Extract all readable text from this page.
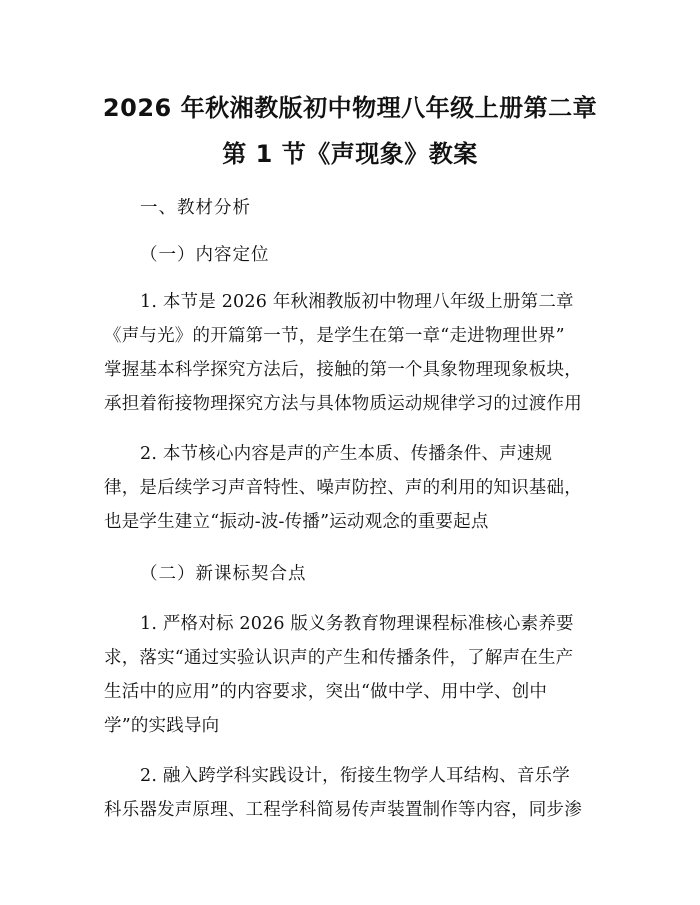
2026 年秋湘教版初中物理八年级上册第二章
第 1 节《声现象》教案
一、教材分析
（一）内容定位
1. 本节是 2026 年秋湘教版初中物理八年级上册第二章
《声与光》的开篇第一节，是学生在第一章“走进物理世界”
掌握基本科学探究方法后，接触的第一个具象物理现象板块，
承担着衔接物理探究方法与具体物质运动规律学习的过渡作用
2. 本节核心内容是声的产生本质、传播条件、声速规
律，是后续学习声音特性、噪声防控、声的利用的知识基础，
也是学生建立“振动-波-传播”运动观念的重要起点
（二）新课标契合点
1. 严格对标 2026 版义务教育物理课程标准核心素养要
求，落实“通过实验认识声的产生和传播条件，了解声在生产
生活中的应用”的内容要求，突出“做中学、用中学、创中
学”的实践导向
2. 融入跨学科实践设计，衔接生物学人耳结构、音乐学
科乐器发声原理、工程学科简易传声装置制作等内容，同步渗
